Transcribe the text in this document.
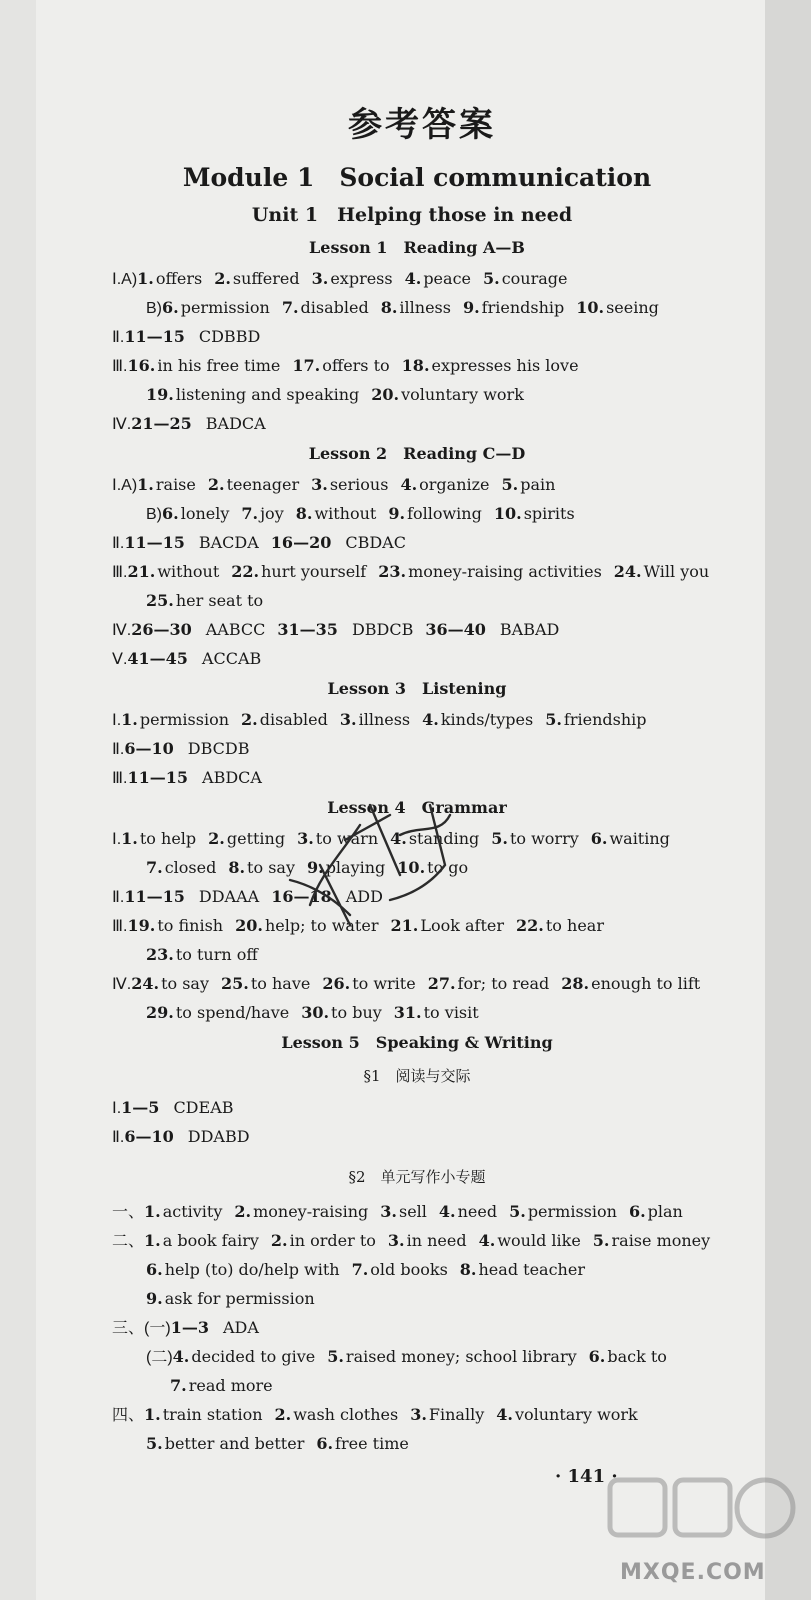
参考答案
Module 1　Social communication
Unit 1　Helping those in need
Lesson 1　Reading A—B
Ⅰ.A)1. offers 2. suffered 3. express 4. peace 5. courage
B)6. permission 7. disabled 8. illness 9. friendship 10. seeing
Ⅱ.11—15 CDBBD
Ⅲ.16. in his free time 17. offers to 18. expresses his love
19. listening and speaking 20. voluntary work
Ⅳ.21—25 BADCA
Lesson 2　Reading C—D
Ⅰ.A)1. raise 2. teenager 3. serious 4. organize 5. pain
B)6. lonely 7. joy 8. without 9. following 10. spirits
Ⅱ.11—15 BACDA 16—20 CBDAC
Ⅲ.21. without 22. hurt yourself 23. money-raising activities 24. Will you
25. her seat to
Ⅳ.26—30 AABCC 31—35 DBDCB 36—40 BABAD
Ⅴ.41—45 ACCAB
Lesson 3　Listening
Ⅰ.1. permission 2. disabled 3. illness 4. kinds/types 5. friendship
Ⅱ.6—10 DBCDB
Ⅲ.11—15 ABDCA
Lesson 4　Grammar
Ⅰ.1. to help 2. getting 3. to warn 4. standing 5. to worry 6. waiting
7. closed 8. to say 9. playing 10. to go
Ⅱ.11—15 DDAAA 16—18 ADD
Ⅲ.19. to finish 20. help; to water 21. Look after 22. to hear
23. to turn off
Ⅳ.24. to say 25. to have 26. to write 27. for; to read 28. enough to lift
29. to spend/have 30. to buy 31. to visit
Lesson 5　Speaking & Writing
§1　阅读与交际
Ⅰ.1—5 CDEAB
Ⅱ.6—10 DDABD
§2　单元写作小专题
一、1. activity 2. money-raising 3. sell 4. need 5. permission 6. plan
二、1. a book fairy 2. in order to 3. in need 4. would like 5. raise money
6. help (to) do/help with 7. old books 8. head teacher
9. ask for permission
三、(一)1—3 ADA
(二)4. decided to give 5. raised money; school library 6. back to
7. read more
四、1. train station 2. wash clothes 3. Finally 4. voluntary work
5. better and better 6. free time
· 141 ·
MXQE.COM
